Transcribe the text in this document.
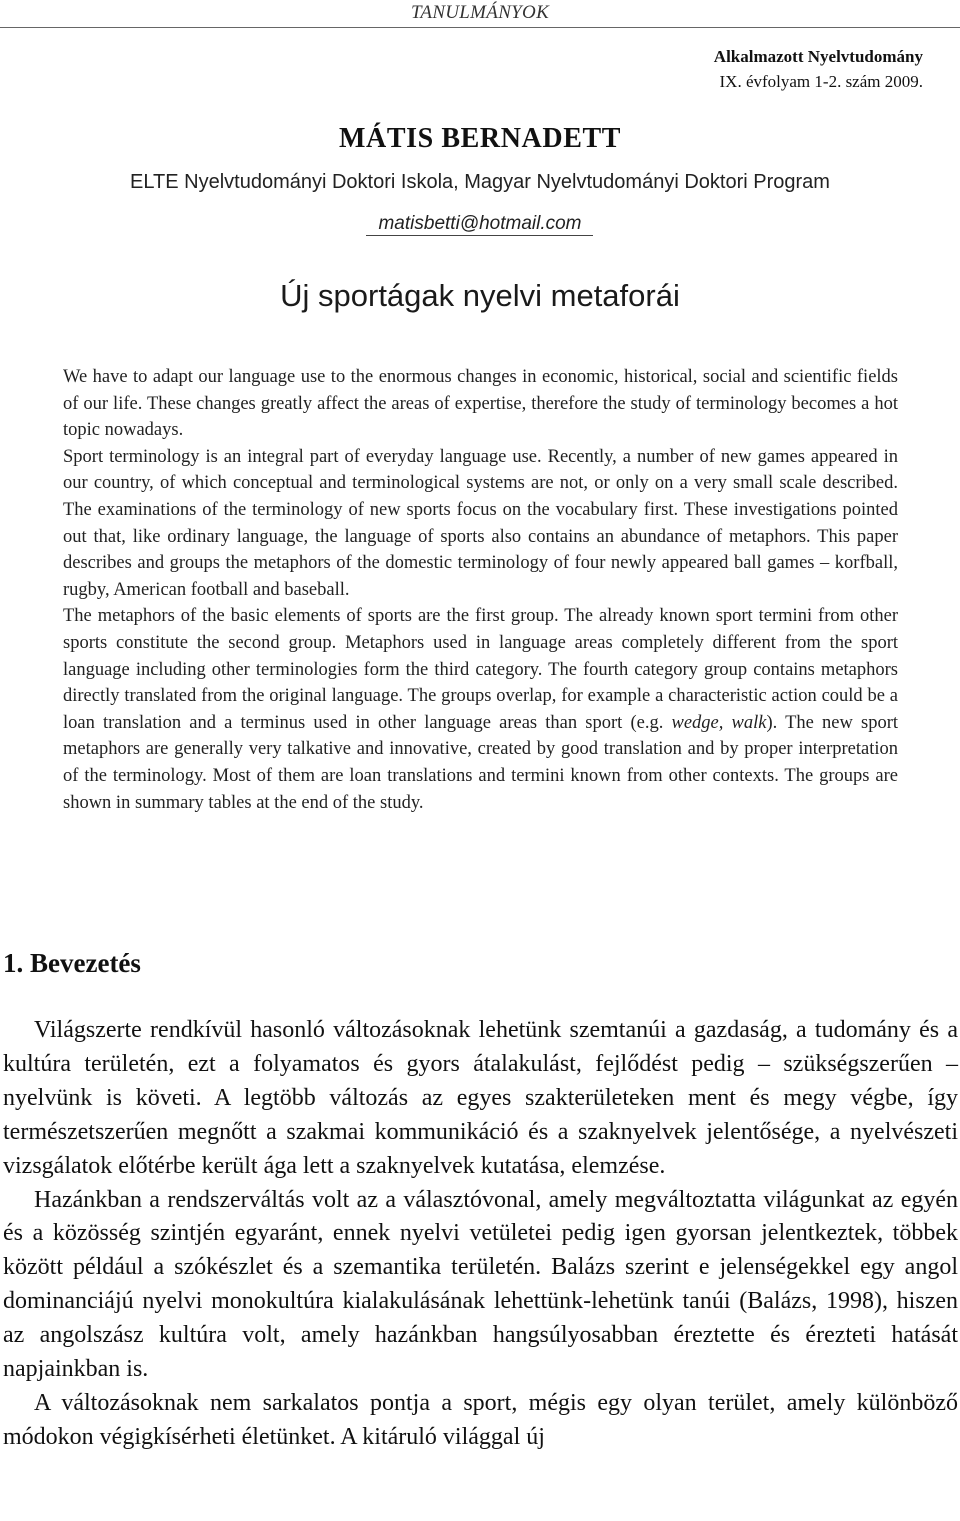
TANULMÁNYOK
Alkalmazott Nyelvtudomány
IX. évfolyam 1-2. szám 2009.
MÁTIS BERNADETT
ELTE Nyelvtudományi Doktori Iskola, Magyar Nyelvtudományi Doktori Program
matisbetti@hotmail.com
Új sportágak nyelvi metaforái

We have to adapt our language use to the enormous changes in economic, historical, social and scientific fields of our life. These changes greatly affect the areas of expertise, therefore the study of terminology becomes a hot topic nowadays.

Sport terminology is an integral part of everyday language use. Recently, a number of new games appeared in our country, of which conceptual and terminological systems are not, or only on a very small scale described. The examinations of the terminology of new sports focus on the vocabulary first. These investigations pointed out that, like ordinary language, the language of sports also contains an abundance of metaphors. This paper describes and groups the metaphors of the domestic terminology of four newly appeared ball games – korfball, rugby, American football and baseball.

The metaphors of the basic elements of sports are the first group. The already known sport termini from other sports constitute the second group. Metaphors used in language areas completely different from the sport language including other terminologies form the third category. The fourth category group contains metaphors directly translated from the original language. The groups overlap, for example a characteristic action could be a loan translation and a terminus used in other language areas than sport (e.g. wedge, walk). The new sport metaphors are generally very talkative and innovative, created by good translation and by proper interpretation of the terminology. Most of them are loan translations and termini known from other contexts. The groups are shown in summary tables at the end of the study.

1. Bevezetés

Világszerte rendkívül hasonló változásoknak lehetünk szemtanúi a gazdaság, a tudomány és a kultúra területén, ezt a folyamatos és gyors átalakulást, fejlődést pedig – szükségszerűen – nyelvünk is követi. A legtöbb változás az egyes szakterületeken ment és megy végbe, így természetszerűen megnőtt a szakmai kommunikáció és a szaknyelvek jelentősége, a nyelvészeti vizsgálatok előtérbe került ága lett a szaknyelvek kutatása, elemzése.

Hazánkban a rendszerváltás volt az a választóvonal, amely megváltoztatta világunkat az egyén és a közösség szintjén egyaránt, ennek nyelvi vetületei pedig igen gyorsan jelentkeztek, többek között például a szókészlet és a szemantika területén. Balázs szerint e jelenségekkel egy angol dominanciájú nyelvi monokultúra kialakulásának lehettünk-lehetünk tanúi (Balázs, 1998), hiszen az angolszász kultúra volt, amely hazánkban hangsúlyosabban éreztette és érezteti hatását napjainkban is.

A változásoknak nem sarkalatos pontja a sport, mégis egy olyan terület, amely különböző módokon végigkísérheti életünket. A kitáruló világgal új
